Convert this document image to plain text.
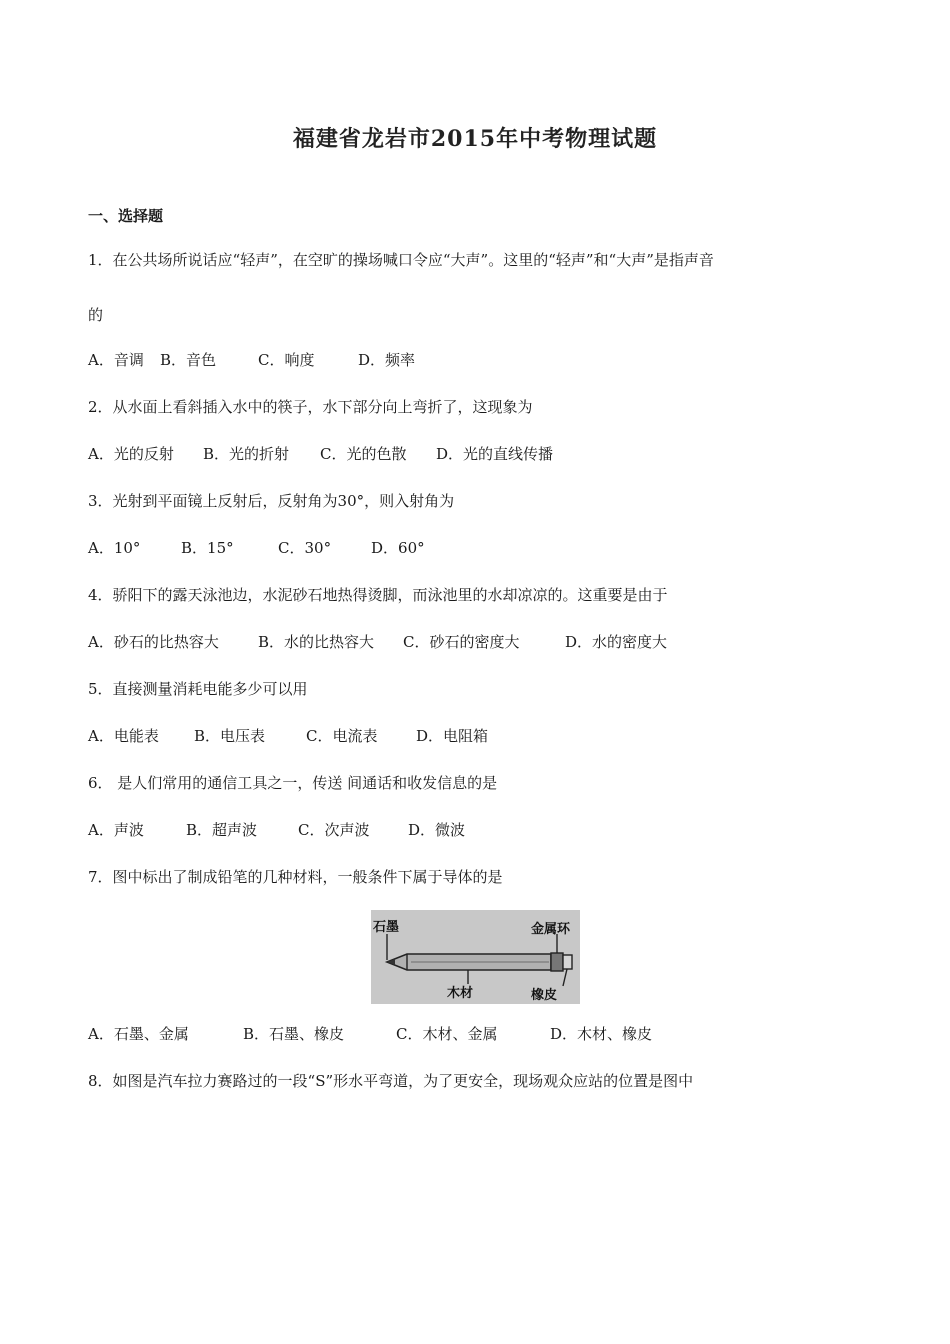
福建省龙岩市2015年中考物理试题
一、选择题
1．在公共场所说话应“轻声”，在空旷的操场喊口令应“大声”。这里的“轻声”和“大声”是指声音
的
A．音调 B．音色	C．响度	D．频率
2．从水面上看斜插入水中的筷子，水下部分向上弯折了，这现象为
A．光的反射 B．光的折射 C．光的色散 D．光的直线传播
3．光射到平面镜上反射后，反射角为30°，则入射角为
A．10°	B．15°	C．30°	D．60°
4．骄阳下的露天泳池边，水泥砂石地热得烫脚，而泳池里的水却凉凉的。这重要是由于
A．砂石的比热容大	B．水的比热容大 C．砂石的密度大	D．水的密度大
5．直接测量消耗电能多少可以用
A．电能表 B．电压表	C．电流表	D．电阻箱
6． 是人们常用的通信工具之一，传送 间通话和收发信息的是
A．声波	B．超声波	C．次声波	D．微波
7．图中标出了制成铅笔的几种材料，一般条件下属于导体的是
石墨	金属环
木材	橡皮
A．石墨、金属	B．石墨、橡皮	C．木材、金属	D．木材、橡皮
8．如图是汽车拉力赛路过的一段“S”形水平弯道，为了更安全，现场观众应站的位置是图中
